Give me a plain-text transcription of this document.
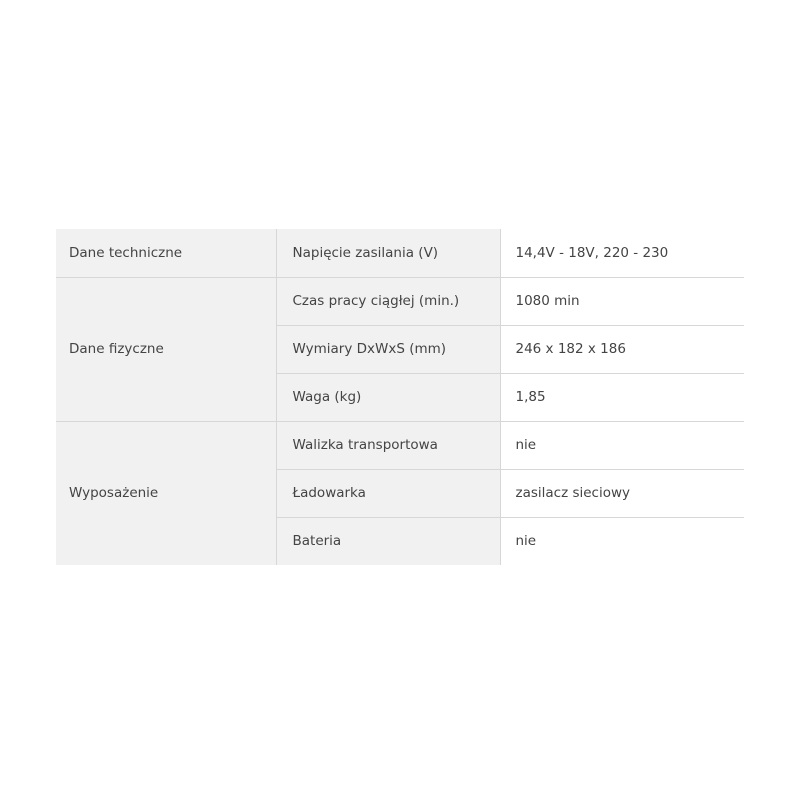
Dane techniczne	Napięcie zasilania (V)	14,4V - 18V, 220 - 230
Dane fizyczne	Czas pracy ciągłej (min.)	1080 min
	Wymiary DxWxS (mm)	246 x 182 x 186
	Waga (kg)	1,85
Wyposażenie	Walizka transportowa	nie
	Ładowarka	zasilacz sieciowy
	Bateria	nie
